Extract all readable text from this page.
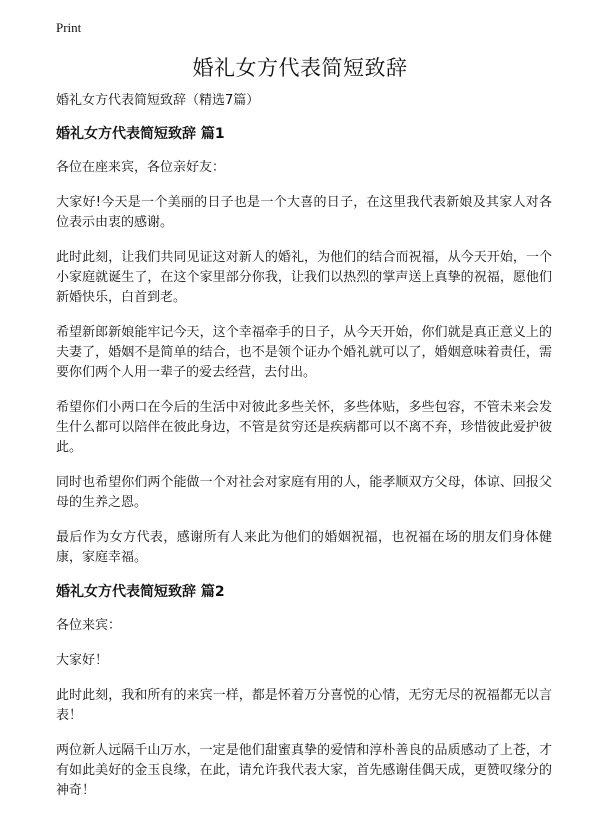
Print
婚礼女方代表简短致辞

婚礼女方代表简短致辞（精选7篇）

婚礼女方代表简短致辞 篇1

各位在座来宾，各位亲好友：

大家好!今天是一个美丽的日子也是一个大喜的日子，在这里我代表新娘及其家人对各位表示由衷的感谢。

此时此刻，让我们共同见证这对新人的婚礼，为他们的结合而祝福，从今天开始，一个小家庭就诞生了，在这个家里部分你我，让我们以热烈的掌声送上真挚的祝福，愿他们新婚快乐，白首到老。

希望新郎新娘能牢记今天，这个幸福牵手的日子，从今天开始，你们就是真正意义上的夫妻了，婚姻不是简单的结合，也不是领个证办个婚礼就可以了，婚姻意味着责任，需要你们两个人用一辈子的爱去经营，去付出。

希望你们小两口在今后的生活中对彼此多些关怀，多些体贴，多些包容，不管未来会发生什么都可以陪伴在彼此身边，不管是贫穷还是疾病都可以不离不弃，珍惜彼此爱护彼此。

同时也希望你们两个能做一个对社会对家庭有用的人，能孝顺双方父母，体谅、回报父母的生养之恩。

最后作为女方代表，感谢所有人来此为他们的婚姻祝福，也祝福在场的朋友们身体健康，家庭幸福。

婚礼女方代表简短致辞 篇2

各位来宾：

大家好！

此时此刻，我和所有的来宾一样，都是怀着万分喜悦的心情，无穷无尽的祝福都无以言表！

两位新人远隔千山万水，一定是他们甜蜜真挚的爱情和淳朴善良的品质感动了上苍，才有如此美好的金玉良缘，在此，请允许我代表大家，首先感谢佳偶天成，更赞叹缘分的神奇！
